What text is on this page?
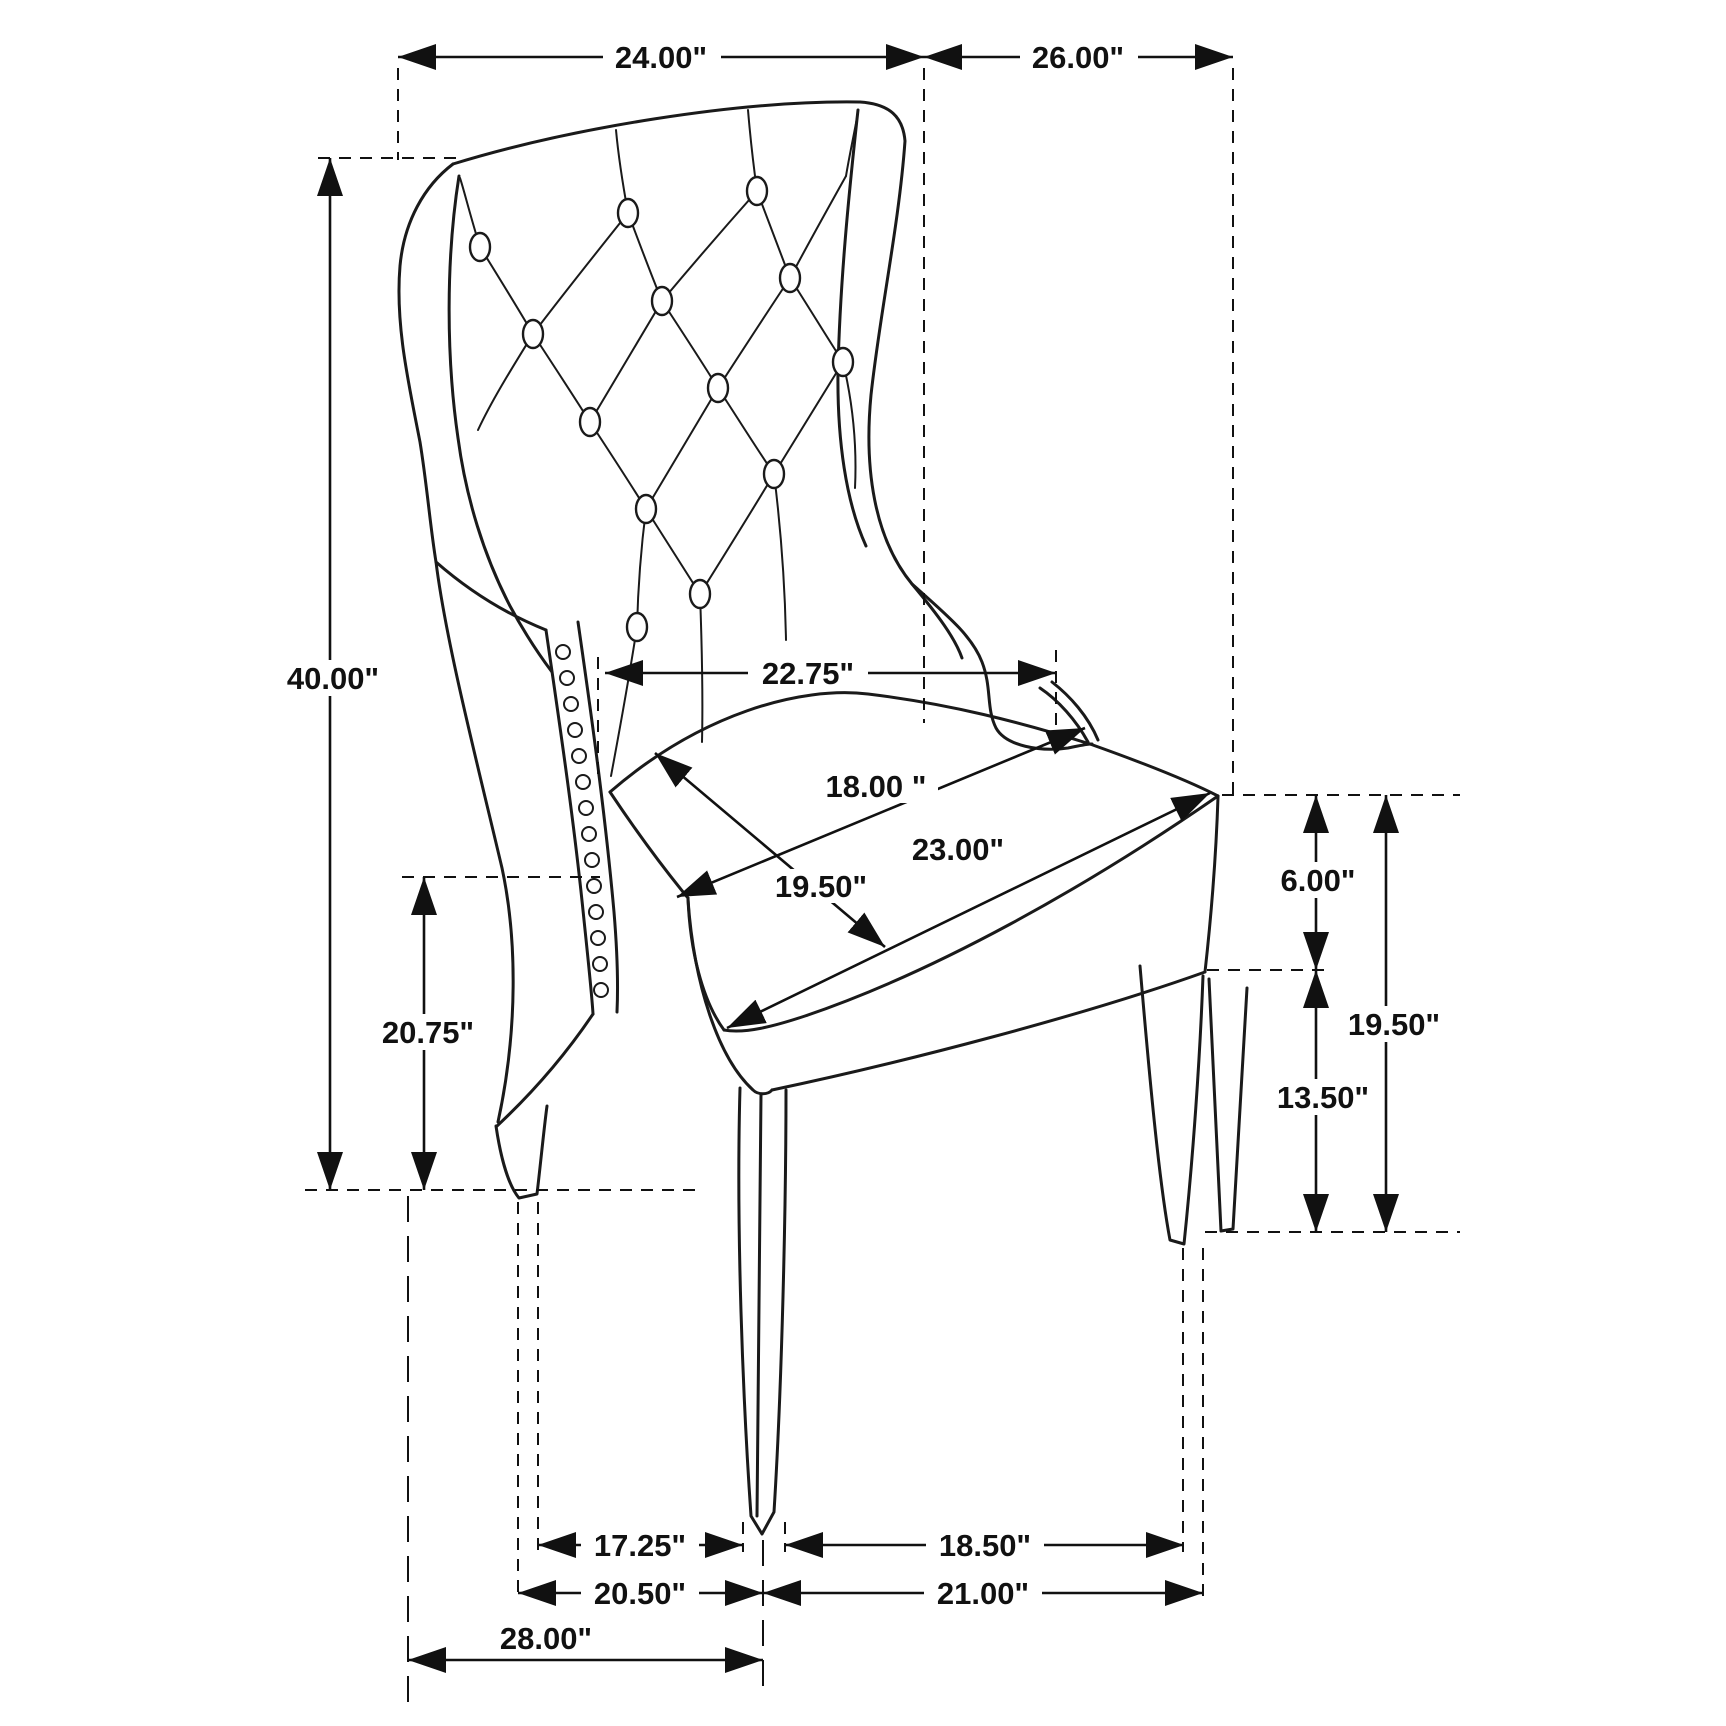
24.00"	26.00"
40.00"
20.75"
22.75"
18.00 "
23.00"
19.50"	6.00"
19.50"
13.50"
17.25"	18.50"
20.50"	21.00"
28.00"
